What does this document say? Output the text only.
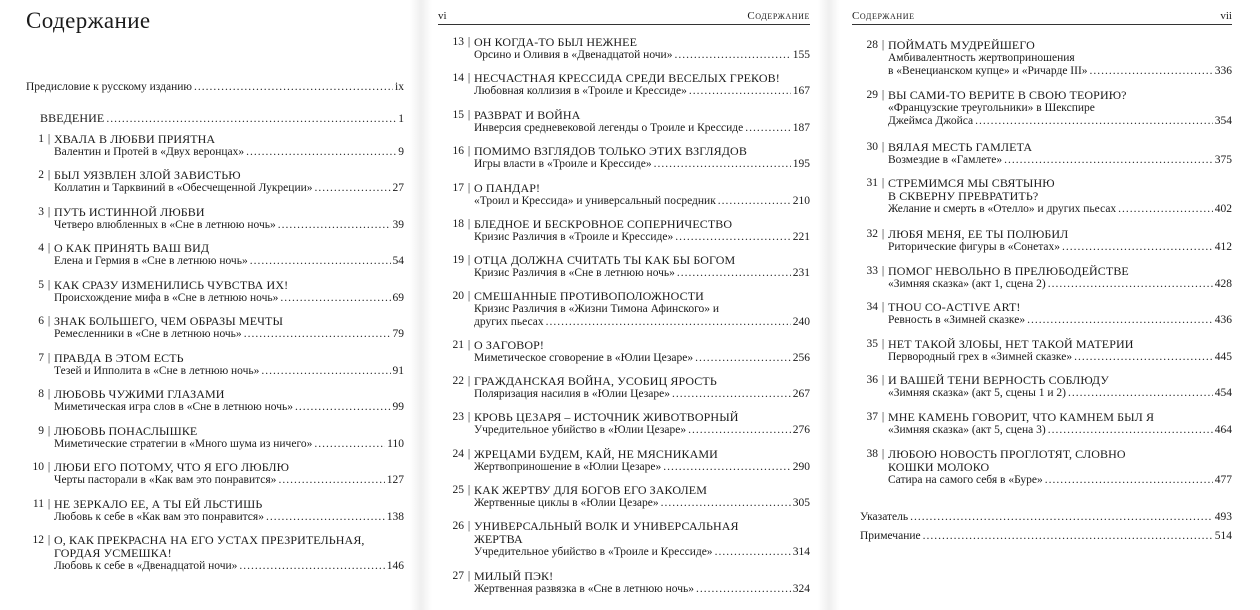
Содержание
Предисловие к русскому изданию .....	ix
ВВЕДЕНИЕ .....	1
1 | ХВАЛА В ЛЮБВИ ПРИЯТНА
Валентин и Протей в «Двух веронцах» .....	9
2 | БЫЛ УЯЗВЛЕН ЗЛОЙ ЗАВИСТЬЮ
Коллатин и Тарквиний в «Обесчещенной Лукреции» .....	27
3 | ПУТЬ ИСТИННОЙ ЛЮБВИ
Четверо влюбленных в «Сне в летнюю ночь» .....	39
4 | О КАК ПРИНЯТЬ ВАШ ВИД
Елена и Гермия в «Сне в летнюю ночь» .....	54
5 | КАК СРАЗУ ИЗМЕНИЛИСЬ ЧУВСТВА ИХ!
Происхождение мифа в «Сне в летнюю ночь» .....	69
6 | ЗНАК БОЛЬШЕГО, ЧЕМ ОБРАЗЫ МЕЧТЫ
Ремесленники в «Сне в летнюю ночь» .....	79
7 | ПРАВДА В ЭТОМ ЕСТЬ
Тезей и Ипполита в «Сне в летнюю ночь» .....	91
8 | ЛЮБОВЬ ЧУЖИМИ ГЛАЗАМИ
Миметическая игра слов в «Сне в летнюю ночь» .....	99
9 | ЛЮБОВЬ ПОНАСЛЫШКЕ
Миметические стратегии в «Много шума из ничего» .....	110
10 | ЛЮБИ ЕГО ПОТОМУ, ЧТО Я ЕГО ЛЮБЛЮ
Черты пасторали в «Как вам это понравится» .....	127
11 | НЕ ЗЕРКАЛО ЕЕ, А ТЫ ЕЙ ЛЬСТИШЬ
Любовь к себе в «Как вам это понравится» .....	138
12 | О, КАК ПРЕКРАСНА НА ЕГО УСТАХ ПРЕЗРИТЕЛЬНАЯ,
ГОРДАЯ УСМЕШКА!
Любовь к себе в «Двенадцатой ночи» .....	146
vi	Содержание
13 | ОН КОГДА-ТО БЫЛ НЕЖНЕЕ
Орсино и Оливия в «Двенадцатой ночи» .....	155
14 | НЕСЧАСТНАЯ КРЕССИДА СРЕДИ ВЕСЕЛЫХ ГРЕКОВ!
Любовная коллизия в «Троиле и Крессиде» .....	167
15 | РАЗВРАТ И ВОЙНА
Инверсия средневековой легенды о Троиле и Крессиде .....	187
16 | ПОМИМО ВЗГЛЯДОВ ТОЛЬКО ЭТИХ ВЗГЛЯДОВ
Игры власти в «Троиле и Крессиде» .....	195
17 | О ПАНДАР!
«Троил и Крессида» и универсальный посредник .....	210
18 | БЛЕДНОЕ И БЕСКРОВНОЕ СОПЕРНИЧЕСТВО
Кризис Различия в «Троиле и Крессиде» .....	221
19 | ОТЦА ДОЛЖНА СЧИТАТЬ ТЫ КАК БЫ БОГОМ
Кризис Различия в «Сне в летнюю ночь» .....	231
20 | СМЕШАННЫЕ ПРОТИВОПОЛОЖНОСТИ
Кризис Различия в «Жизни Тимона Афинского» и
других пьесах .....	240
21 | О ЗАГОВОР!
Миметическое сговорение в «Юлии Цезаре» .....	256
22 | ГРАЖДАНСКАЯ ВОЙНА, УСОБИЦ ЯРОСТЬ
Поляризация насилия в «Юлии Цезаре» .....	267
23 | КРОВЬ ЦЕЗАРЯ – ИСТОЧНИК ЖИВОТВОРНЫЙ
Учредительное убийство в «Юлии Цезаре» .....	276
24 | ЖРЕЦАМИ БУДЕМ, КАЙ, НЕ МЯСНИКАМИ
Жертвоприношение в «Юлии Цезаре» .....	290
25 | КАК ЖЕРТВУ ДЛЯ БОГОВ ЕГО ЗАКОЛЕМ
Жертвенные циклы в «Юлии Цезаре» .....	305
26 | УНИВЕРСАЛЬНЫЙ ВОЛК И УНИВЕРСАЛЬНАЯ
ЖЕРТВА
Учредительное убийство в «Троиле и Крессиде» .....	314
27 | МИЛЫЙ ПЭК!
Жертвенная развязка в «Сне в летнюю ночь» .....	324
Содержание	vii
28 | ПОЙМАТЬ МУДРЕЙШЕГО
Амбивалентность жертвоприношения
в «Венецианском купце» и «Ричарде III» .....	336
29 | ВЫ САМИ-ТО ВЕРИТЕ В СВОЮ ТЕОРИЮ?
«Французские треугольники» в Шекспире
Джеймса Джойса .....	354
30 | ВЯЛАЯ МЕСТЬ ГАМЛЕТА
Возмездие в «Гамлете» .....	375
31 | СТРЕМИМСЯ МЫ СВЯТЫНЮ
В СКВЕРНУ ПРЕВРАТИТЬ?
Желание и смерть в «Отелло» и других пьесах .....	402
32 | ЛЮБЯ МЕНЯ, ЕЕ ТЫ ПОЛЮБИЛ
Риторические фигуры в «Сонетах» .....	412
33 | ПОМОГ НЕВОЛЬНО В ПРЕЛЮБОДЕЙСТВЕ
«Зимняя сказка» (акт 1, сцена 2) .....	428
34 | THOU CO-ACTIVE ART!
Ревность в «Зимней сказке» .....	436
35 | НЕТ ТАКОЙ ЗЛОБЫ, НЕТ ТАКОЙ МАТЕРИИ
Первородный грех в «Зимней сказке» .....	445
36 | И ВАШЕЙ ТЕНИ ВЕРНОСТЬ СОБЛЮДУ
«Зимняя сказка» (акт 5, сцены 1 и 2) .....	454
37 | МНЕ КАМЕНЬ ГОВОРИТ, ЧТО КАМНЕМ БЫЛ Я
«Зимняя сказка» (акт 5, сцена 3) .....	464
38 | ЛЮБОЮ НОВОСТЬ ПРОГЛОТЯТ, СЛОВНО
КОШКИ МОЛОКО
Сатира на самого себя в «Буре» .....	477
Указатель .....	493
Примечание .....	514
